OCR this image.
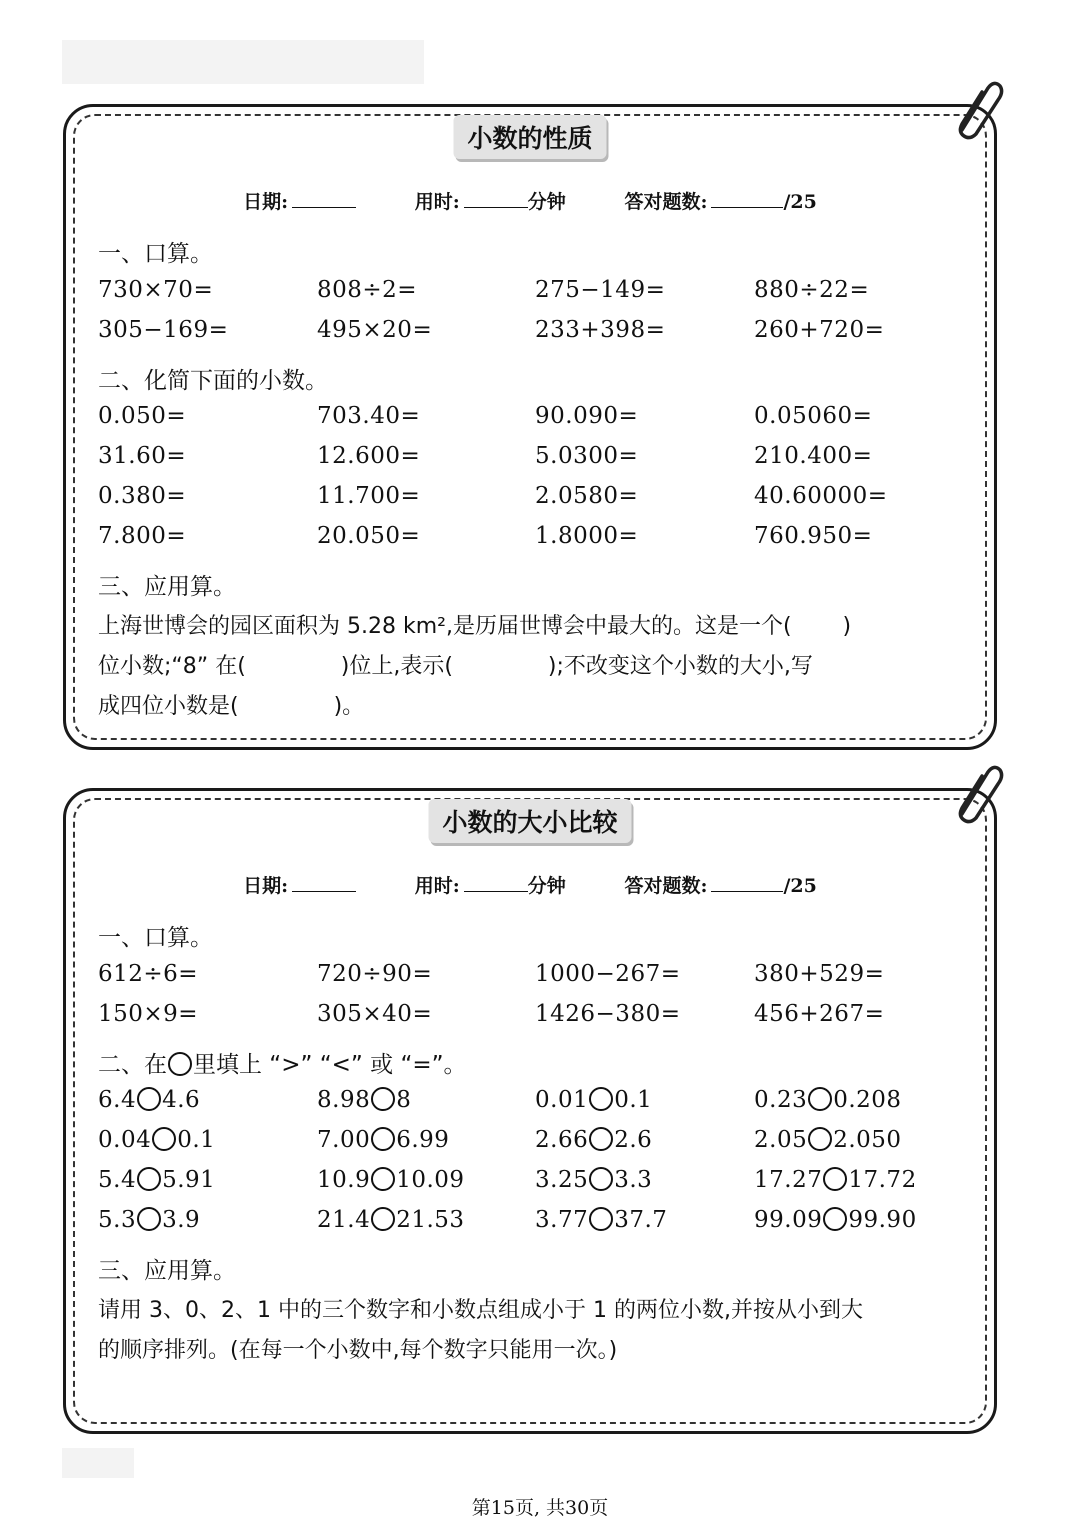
小数的性质
日期:	用时:	分钟	答对题数:	/25
一、口算。
730×70=	808÷2=	275−149=	880÷22=
305−169=	495×20=	233+398=	260+720=
二、化简下面的小数。
0.050=	703.40=	90.090=	0.05060=
31.60=	12.600=	5.0300=	210.400=
0.380=	11.700=	2.0580=	40.60000=
7.800=	20.050=	1.8000=	760.950=
三、应用算。
上海世博会的园区面积为 5.28 km²,是历届世博会中最大的。这是一个(　　 )
位小数;“8” 在(　　　　 )位上,表示(　　　　 );不改变这个小数的大小,写
成四位小数是(　　　　 )。
小数的大小比较
日期:	用时:	分钟	答对题数:	/25
一、口算。
612÷6=	720÷90=	1000−267=	380+529=
150×9=	305×40=	1426−380=	456+267=
二、在 里填上 “>” “<” 或 “=”。
6.4 4.6	8.98 8	0.01 0.1	0.23 0.208
0.04 0.1	7.00 6.99	2.66 2.6	2.05 2.050
5.4 5.91	10.9 10.09	3.25 3.3	17.27 17.72
5.3 3.9	21.4 21.53	3.77 37.7	99.09 99.90
三、应用算。
请用 3、0、2、1 中的三个数字和小数点组成小于 1 的两位小数,并按从小到大
的顺序排列。(在每一个小数中,每个数字只能用一次。)
第15页, 共30页
